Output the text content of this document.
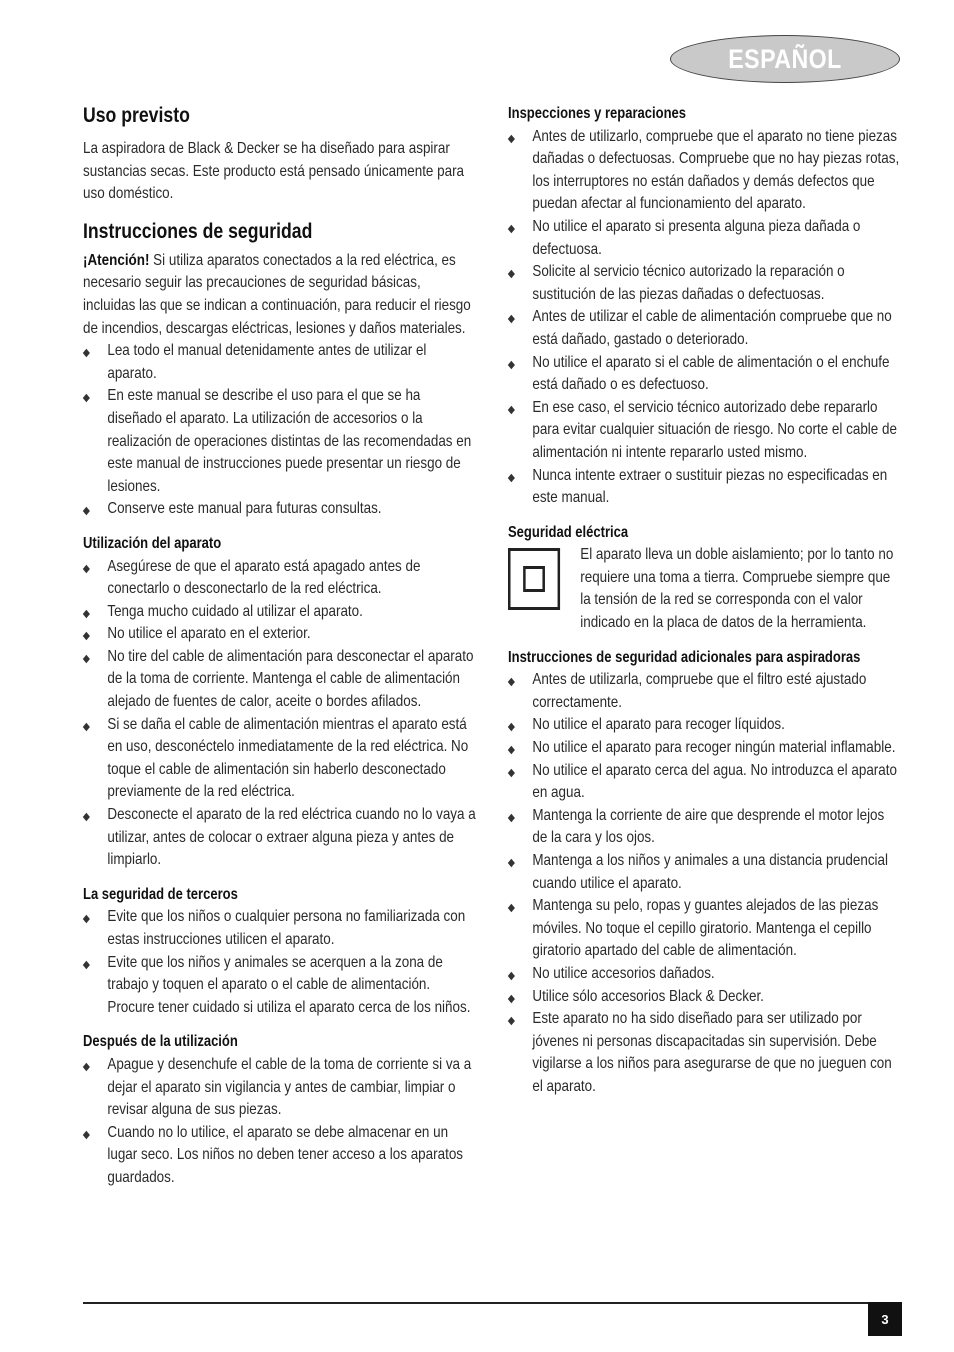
ESPAÑOL
Uso previsto

La aspiradora de Black & Decker se ha diseñado para aspirar sustancias secas. Este producto está pensado únicamente para uso doméstico.

Instrucciones de seguridad

¡Atención! Si utiliza aparatos conectados a la red eléctrica, es necesario seguir las precauciones de seguridad básicas, incluidas las que se indican a continuación, para reducir el riesgo de incendios, descargas eléctricas, lesiones y daños materiales.

Lea todo el manual detenidamente antes de utilizar el aparato.
En este manual se describe el uso para el que se ha diseñado el aparato. La utilización de accesorios o la realización de operaciones distintas de las recomendadas en este manual de instrucciones puede presentar un riesgo de lesiones.
Conserve este manual para futuras consultas.
Utilización del aparato
Asegúrese de que el aparato está apagado antes de conectarlo o desconectarlo de la red eléctrica.
Tenga mucho cuidado al utilizar el aparato.
No utilice el aparato en el exterior.
No tire del cable de alimentación para desconectar el aparato de la toma de corriente. Mantenga el cable de alimentación alejado de fuentes de calor, aceite o bordes afilados.
Si se daña el cable de alimentación mientras el aparato está en uso, desconéctelo inmediatamente de la red eléctrica. No toque el cable de alimentación sin haberlo desconectado previamente de la red eléctrica.
Desconecte el aparato de la red eléctrica cuando no lo vaya a utilizar, antes de colocar o extraer alguna pieza y antes de limpiarlo.
La seguridad de terceros
Evite que los niños o cualquier persona no familiarizada con estas instrucciones utilicen el aparato.
Evite que los niños y animales se acerquen a la zona de trabajo y toquen el aparato o el cable de alimentación. Procure tener cuidado si utiliza el aparato cerca de los niños.
Después de la utilización
Apague y desenchufe el cable de la toma de corriente si va a dejar el aparato sin vigilancia y antes de cambiar, limpiar o revisar alguna de sus piezas.
Cuando no lo utilice, el aparato se debe almacenar en un lugar seco. Los niños no deben tener acceso a los aparatos guardados.
Inspecciones y reparaciones
Antes de utilizarlo, compruebe que el aparato no tiene piezas dañadas o defectuosas. Compruebe que no hay piezas rotas, los interruptores no están dañados y demás defectos que puedan afectar al funcionamiento del aparato.
No utilice el aparato si presenta alguna pieza dañada o defectuosa.
Solicite al servicio técnico autorizado la reparación o sustitución de las piezas dañadas o defectuosas.
Antes de utilizar el cable de alimentación compruebe que no está dañado, gastado o deteriorado.
No utilice el aparato si el cable de alimentación o el enchufe está dañado o es defectuoso.
En ese caso, el servicio técnico autorizado debe repararlo para evitar cualquier situación de riesgo. No corte el cable de alimentación ni intente repararlo usted mismo.
Nunca intente extraer o sustituir piezas no especificadas en este manual.
Seguridad eléctrica

El aparato lleva un doble aislamiento; por lo tanto no requiere una toma a tierra. Compruebe siempre que la tensión de la red se corresponda con el valor indicado en la placa de datos de la herramienta.

Instrucciones de seguridad adicionales para aspiradoras
Antes de utilizarla, compruebe que el filtro esté ajustado correctamente.
No utilice el aparato para recoger líquidos.
No utilice el aparato para recoger ningún material inflamable.
No utilice el aparato cerca del agua. No introduzca el aparato en agua.
Mantenga la corriente de aire que desprende el motor lejos de la cara y los ojos.
Mantenga a los niños y animales a una distancia prudencial cuando utilice el aparato.
Mantenga su pelo, ropas y guantes alejados de las piezas móviles. No toque el cepillo giratorio. Mantenga el cepillo giratorio apartado del cable de alimentación.
No utilice accesorios dañados.
Utilice sólo accesorios Black & Decker.
Este aparato no ha sido diseñado para ser utilizado por jóvenes ni personas discapacitadas sin supervisión. Debe vigilarse a los niños para asegurarse de que no jueguen con el aparato.
3
